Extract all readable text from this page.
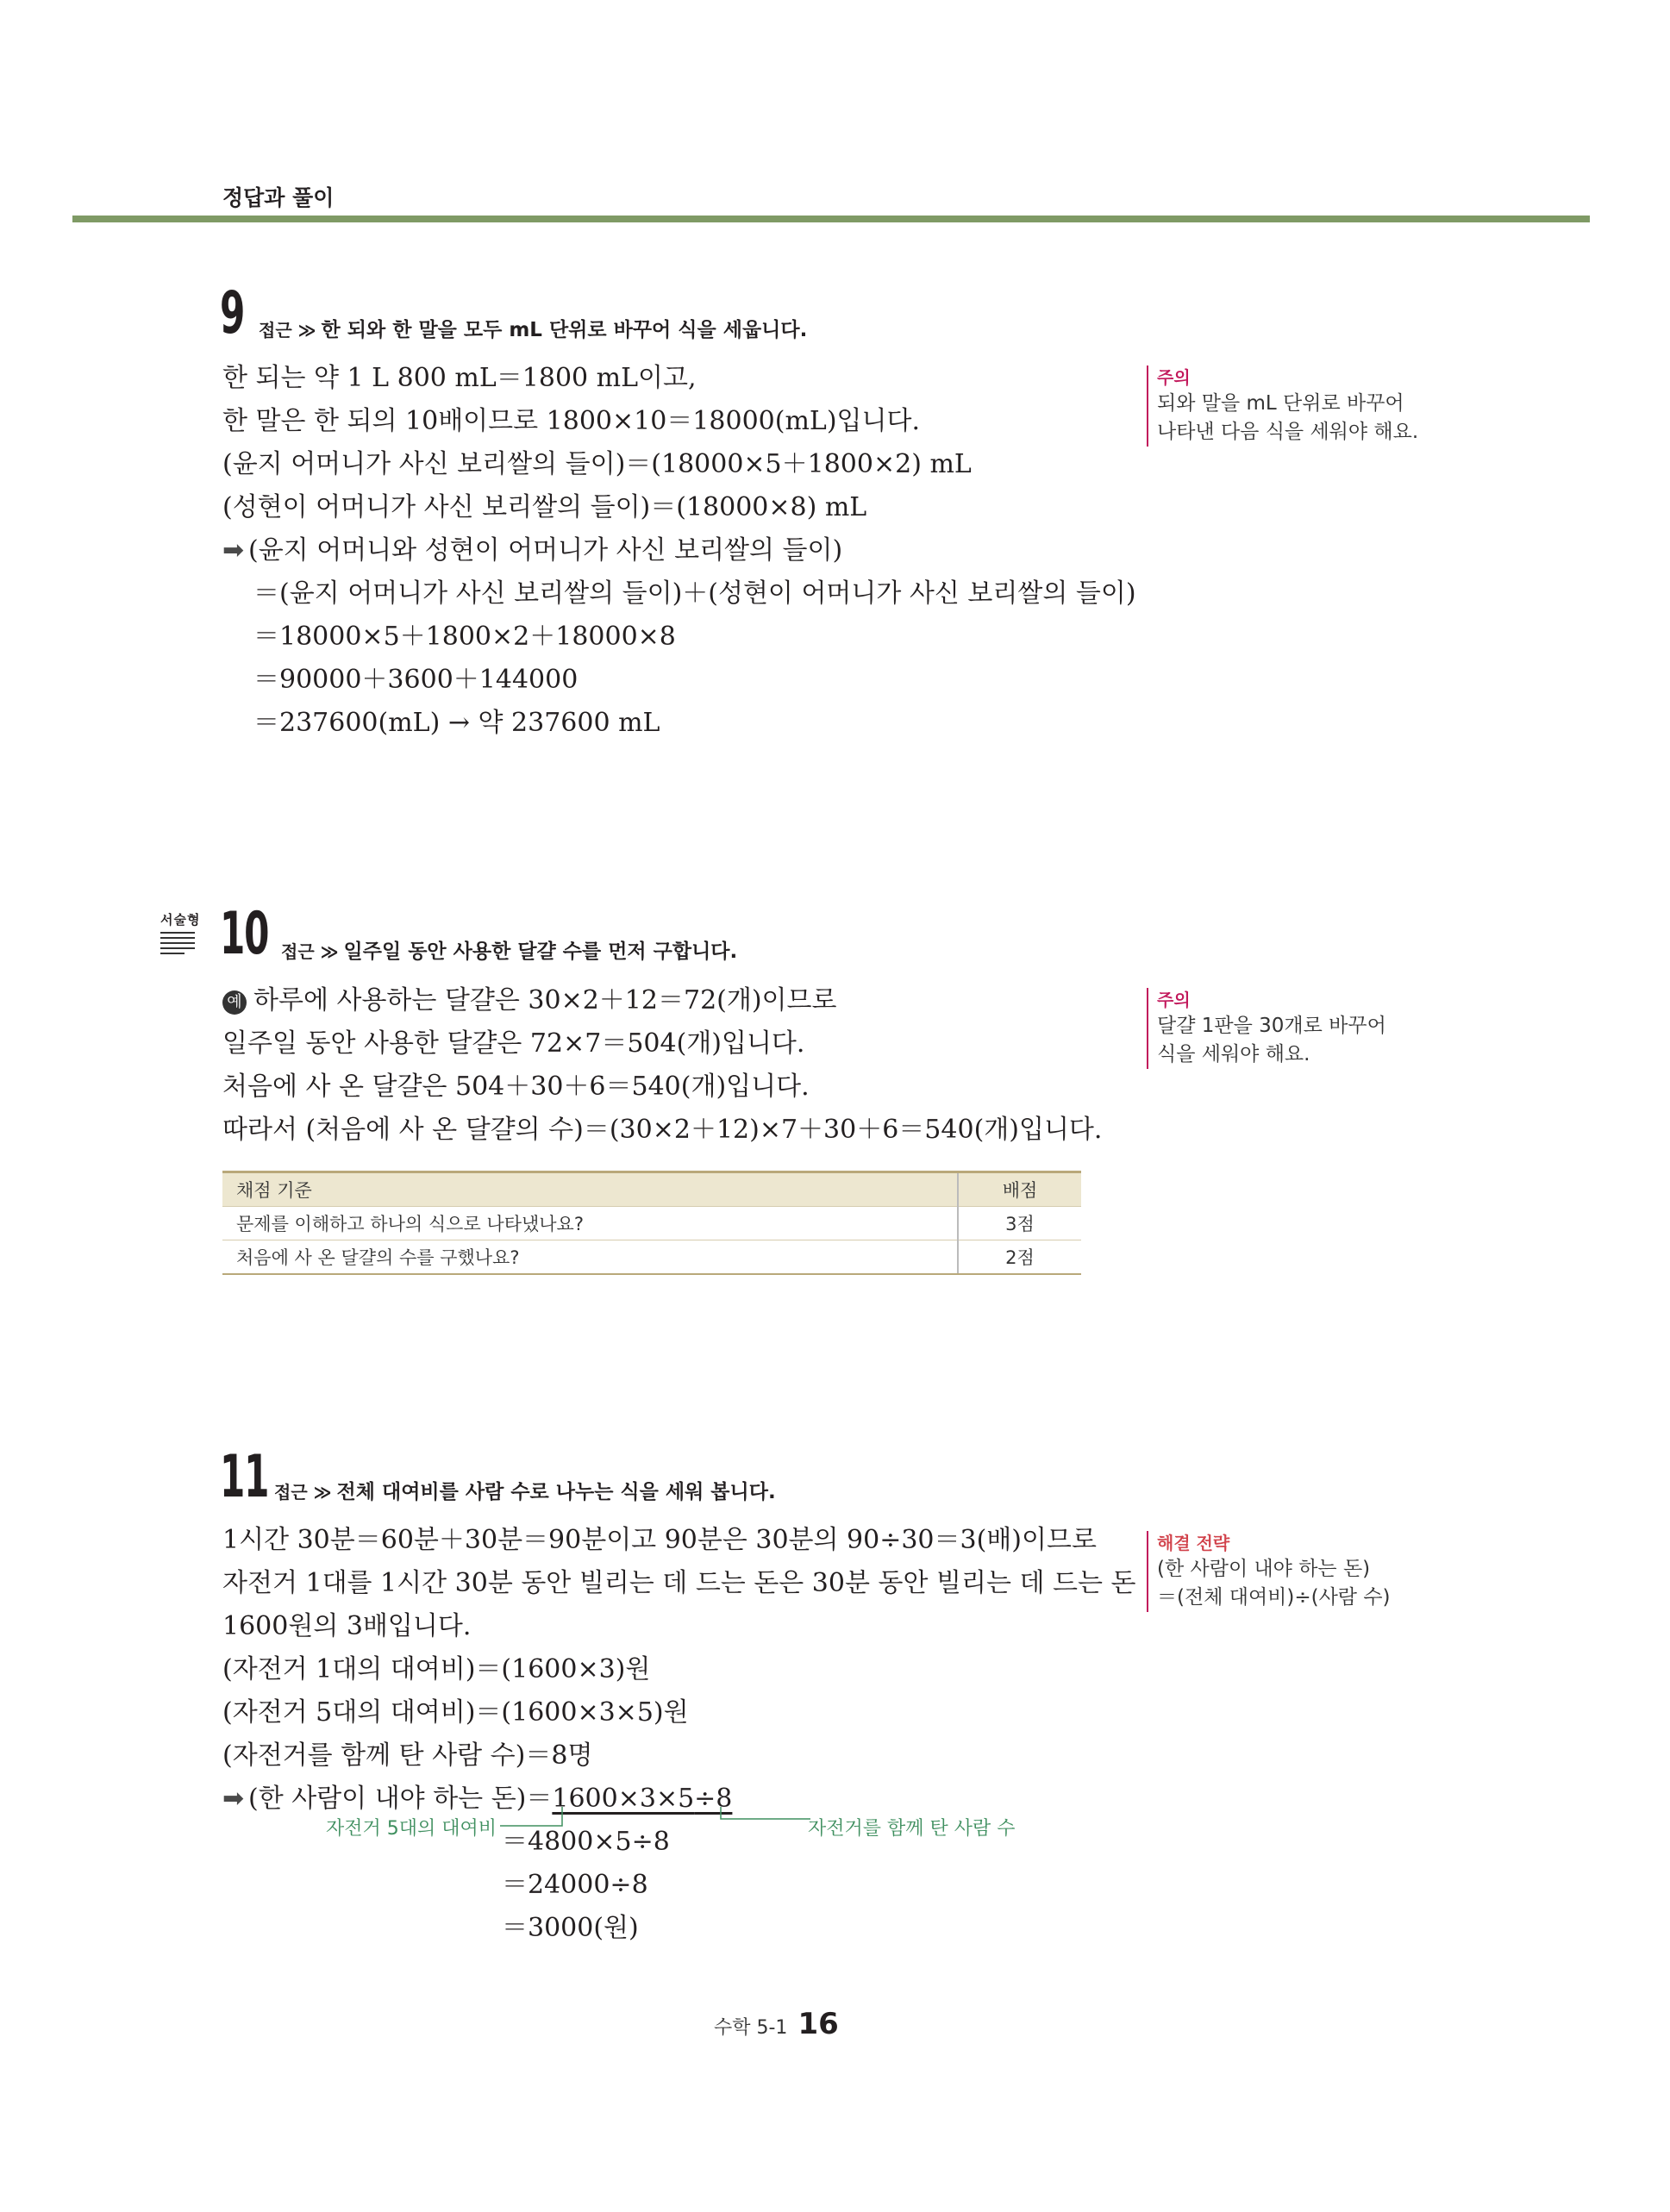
정답과 풀이
9 접근 ≫ 한 되와 한 말을 모두 mL 단위로 바꾸어 식을 세웁니다.
한 되는 약 1 L 800 mL＝1800 mL이고,
한 말은 한 되의 10배이므로 1800×10＝18000(mL)입니다.
(윤지 어머니가 사신 보리쌀의 들이)＝(18000×5＋1800×2) mL
(성현이 어머니가 사신 보리쌀의 들이)＝(18000×8) mL
➡ (윤지 어머니와 성현이 어머니가 사신 보리쌀의 들이)
＝(윤지 어머니가 사신 보리쌀의 들이)＋(성현이 어머니가 사신 보리쌀의 들이)
＝18000×5＋1800×2＋18000×8
＝90000＋3600＋144000
＝237600(mL) → 약 237600 mL
주의
되와 말을 mL 단위로 바꾸어
나타낸 다음 식을 세워야 해요.
서술형 10 접근 ≫ 일주일 동안 사용한 달걀 수를 먼저 구합니다.
예 하루에 사용하는 달걀은 30×2＋12＝72(개)이므로
일주일 동안 사용한 달걀은 72×7＝504(개)입니다.
처음에 사 온 달걀은 504＋30＋6＝540(개)입니다.
따라서 (처음에 사 온 달걀의 수)＝(30×2＋12)×7＋30＋6＝540(개)입니다.
주의
달걀 1판을 30개로 바꾸어
식을 세워야 해요.
채점 기준	배점
문제를 이해하고 하나의 식으로 나타냈나요?	3점
처음에 사 온 달걀의 수를 구했나요?	2점
11 접근 ≫ 전체 대여비를 사람 수로 나누는 식을 세워 봅니다.
1시간 30분＝60분＋30분＝90분이고 90분은 30분의 90÷30＝3(배)이므로
자전거 1대를 1시간 30분 동안 빌리는 데 드는 돈은 30분 동안 빌리는 데 드는 돈
1600원의 3배입니다.
(자전거 1대의 대여비)＝(1600×3)원
(자전거 5대의 대여비)＝(1600×3×5)원
(자전거를 함께 탄 사람 수)＝8명
➡ (한 사람이 내야 하는 돈)＝1600×3×5÷8
자전거 5대의 대여비	자전거를 함께 탄 사람 수
＝4800×5÷8
＝24000÷8
＝3000(원)
해결 전략
(한 사람이 내야 하는 돈)
＝(전체 대여비)÷(사람 수)
수학 5-1 16
